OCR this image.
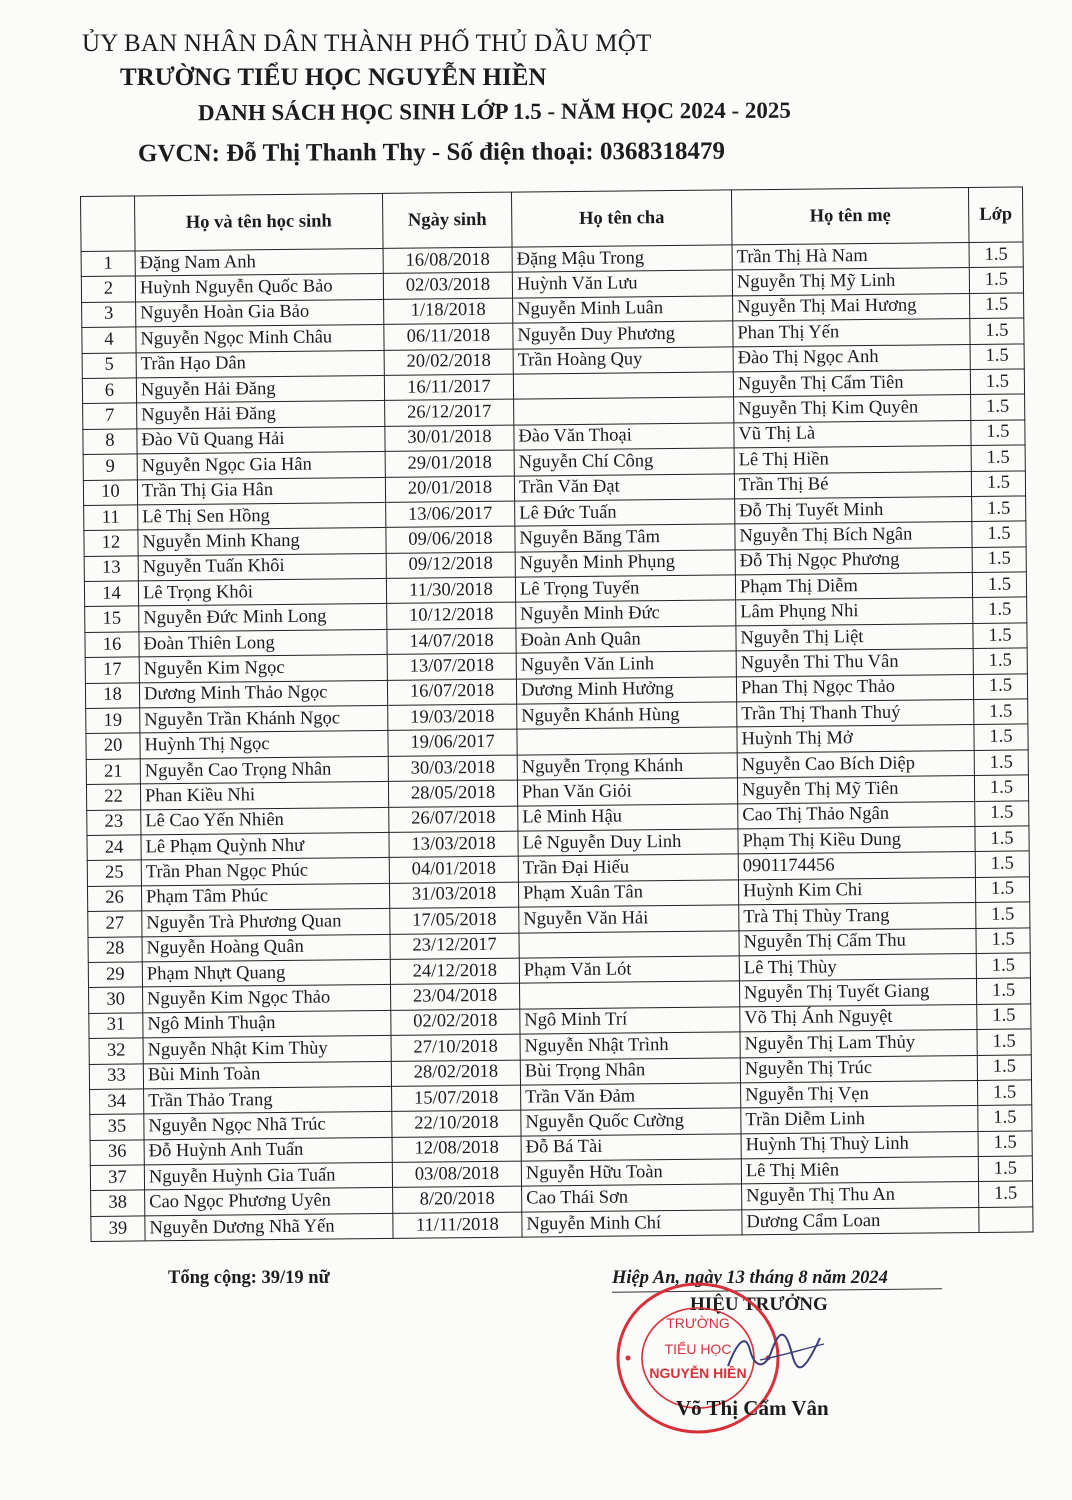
ỦY BAN NHÂN DÂN THÀNH PHỐ THỦ DẦU MỘT
TRƯỜNG TIỂU HỌC NGUYỄN HIỀN
DANH SÁCH HỌC SINH LỚP 1.5 - NĂM HỌC 2024 - 2025
GVCN: Đỗ Thị Thanh Thy - Số điện thoại: 0368318479
	Họ và tên học sinh	Ngày sinh	Họ tên cha	Họ tên mẹ	Lớp
1	Đặng Nam Anh	16/08/2018	Đặng Mậu Trong	Trần Thị Hà Nam	1.5
2	Huỳnh Nguyễn Quốc Bảo	02/03/2018	Huỳnh Văn Lưu	Nguyễn Thị Mỹ Linh	1.5
3	Nguyễn Hoàn Gia Bảo	1/18/2018	Nguyễn Minh Luân	Nguyễn Thị Mai Hương	1.5
4	Nguyễn Ngọc Minh Châu	06/11/2018	Nguyễn Duy Phương	Phan Thị Yến	1.5
5	Trần Hạo Dân	20/02/2018	Trần Hoàng Quy	Đào Thị Ngọc Anh	1.5
6	Nguyễn Hải Đăng	16/11/2017		Nguyễn Thị Cẩm Tiên	1.5
7	Nguyễn Hải Đăng	26/12/2017		Nguyễn Thị Kim Quyên	1.5
8	Đào Vũ Quang Hải	30/01/2018	Đào Văn Thoại	Vũ Thị Là	1.5
9	Nguyễn Ngọc Gia Hân	29/01/2018	Nguyễn Chí Công	Lê Thị Hiền	1.5
10	Trần Thị Gia Hân	20/01/2018	Trần Văn Đạt	Trần Thị Bé	1.5
11	Lê Thị Sen Hồng	13/06/2017	Lê Đức Tuấn	Đỗ Thị Tuyết Minh	1.5
12	Nguyễn Minh Khang	09/06/2018	Nguyễn Băng Tâm	Nguyễn Thị Bích Ngân	1.5
13	Nguyễn Tuấn Khôi	09/12/2018	Nguyễn Minh Phụng	Đỗ Thị Ngọc Phương	1.5
14	Lê Trọng Khôi	11/30/2018	Lê Trọng Tuyển	Phạm Thị Diễm	1.5
15	Nguyễn Đức Minh Long	10/12/2018	Nguyễn Minh Đức	Lâm Phụng Nhi	1.5
16	Đoàn Thiên Long	14/07/2018	Đoàn Anh Quân	Nguyễn Thị Liệt	1.5
17	Nguyễn Kim Ngọc	13/07/2018	Nguyễn Văn Linh	Nguyễn Thi Thu Vân	1.5
18	Dương Minh Thảo Ngọc	16/07/2018	Dương Minh Hưởng	Phan Thị Ngọc Thảo	1.5
19	Nguyễn Trần Khánh Ngọc	19/03/2018	Nguyễn Khánh Hùng	Trần Thị Thanh Thuý	1.5
20	Huỳnh Thị Ngọc	19/06/2017		Huỳnh Thị Mở	1.5
21	Nguyễn Cao Trọng Nhân	30/03/2018	Nguyễn Trọng Khánh	Nguyễn Cao Bích Diệp	1.5
22	Phan Kiều Nhi	28/05/2018	Phan Văn Giỏi	Nguyễn Thị Mỹ Tiên	1.5
23	Lê Cao Yến Nhiên	26/07/2018	Lê Minh Hậu	Cao Thị Thảo Ngân	1.5
24	Lê Phạm Quỳnh Như	13/03/2018	Lê Nguyễn Duy Linh	Phạm Thị Kiều Dung	1.5
25	Trần Phan Ngọc Phúc	04/01/2018	Trần Đại Hiếu	0901174456	1.5
26	Phạm Tâm Phúc	31/03/2018	Phạm Xuân Tân	Huỳnh Kim Chi	1.5
27	Nguyễn Trà Phương Quan	17/05/2018	Nguyễn Văn Hải	Trà Thị Thùy Trang	1.5
28	Nguyễn Hoàng Quân	23/12/2017		Nguyễn Thị Cẩm Thu	1.5
29	Phạm Nhựt Quang	24/12/2018	Phạm Văn Lót	Lê Thị Thùy	1.5
30	Nguyễn Kim Ngọc Thảo	23/04/2018		Nguyễn Thị Tuyết Giang	1.5
31	Ngô Minh Thuận	02/02/2018	Ngô Minh Trí	Võ Thị Ánh Nguyệt	1.5
32	Nguyễn Nhật Kim Thùy	27/10/2018	Nguyễn Nhật Trình	Nguyễn Thị Lam Thủy	1.5
33	Bùi Minh Toàn	28/02/2018	Bùi Trọng Nhân	Nguyễn Thị Trúc	1.5
34	Trần Thảo Trang	15/07/2018	Trần Văn Đảm	Nguyễn Thị Vẹn	1.5
35	Nguyễn Ngọc Nhã Trúc	22/10/2018	Nguyễn Quốc Cường	Trần Diễm Linh	1.5
36	Đỗ Huỳnh Anh Tuấn	12/08/2018	Đỗ Bá Tài	Huỳnh Thị Thuỳ Linh	1.5
37	Nguyễn Huỳnh Gia Tuấn	03/08/2018	Nguyễn Hữu Toàn	Lê Thị Miên	1.5
38	Cao Ngọc Phương Uyên	8/20/2018	Cao Thái Sơn	Nguyễn Thị Thu An	1.5
39	Nguyễn Dương Nhã Yến	11/11/2018	Nguyễn Minh Chí	Dương Cẩm Loan	
Tổng cộng: 39/19 nữ	Hiệp An, ngày 13 tháng 8 năm 2024
HIỆU TRƯỞNG
TRƯỜNG
TIỂU HỌC
NGUYỄN HIỀN
Võ Thị Cẩm Vân
